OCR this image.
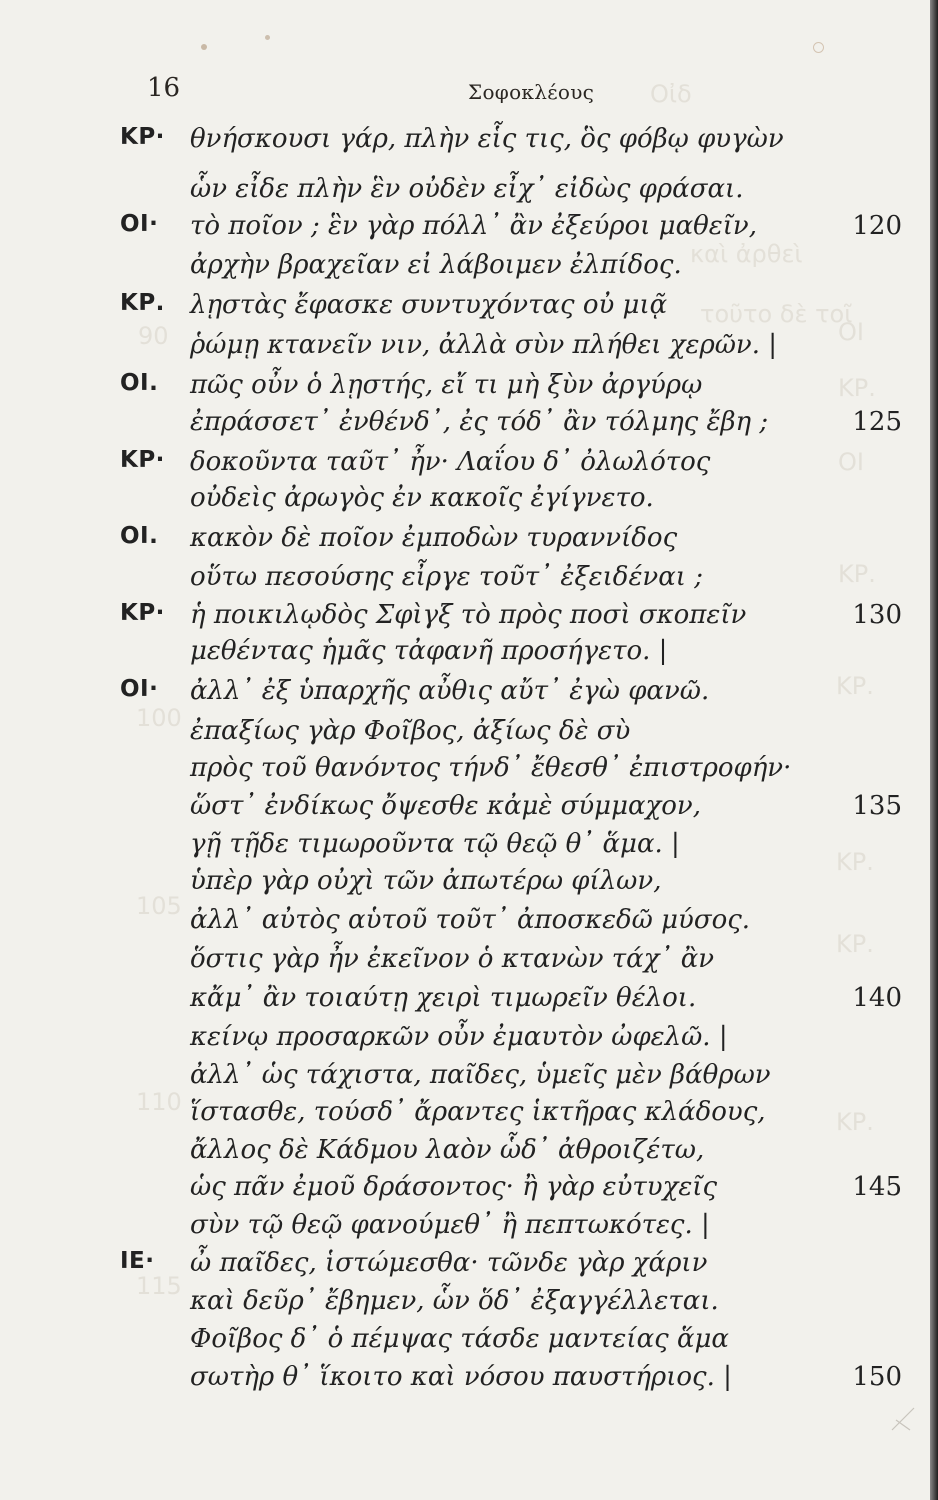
Οἰδ
καὶ ἀρθεὶ
τοῦτο δὲ τοῖ
ΟΙ
90
ΚΡ.
ΟΙ
ΚΡ.
100
ΚΡ.
ΚΡ.
105
ΚΡ.
110
ΚΡ.
115
16	Σοφοκλέους
ΚΡ· θνήσκουσι γάρ, πλὴν εἷς τις, ὃς φόβῳ φυγὼν
ὧν εἶδε πλὴν ἓν οὐδὲν εἶχ᾽ εἰδὼς φράσαι.
ΟΙ· τὸ ποῖον ; ἓν γὰρ πόλλ᾽ ἂν ἐξεύροι μαθεῖν,	120
ἀρχὴν βραχεῖαν εἰ λάβοιμεν ἐλπίδος.
ΚΡ. λῃστὰς ἔφασκε συντυχόντας οὐ μιᾷ
ῥώμῃ κτανεῖν νιν, ἀλλὰ σὺν πλήθει χερῶν. |
ΟΙ. πῶς οὖν ὁ λῃστής, εἴ τι μὴ ξὺν ἀργύρῳ
ἐπράσσετ᾽ ἐνθένδ᾽, ἐς τόδ᾽ ἂν τόλμης ἔβη ;	125
ΚΡ· δοκοῦντα ταῦτ᾽ ἦν· Λαΐου δ᾽ ὀλωλότος
οὐδεὶς ἀρωγὸς ἐν κακοῖς ἐγίγνετο.
ΟΙ. κακὸν δὲ ποῖον ἐμποδὼν τυραννίδος
οὕτω πεσούσης εἶργε τοῦτ᾽ ἐξειδέναι ;
ΚΡ· ἡ ποικιλῳδὸς Σφὶγξ τὸ πρὸς ποσὶ σκοπεῖν	130
μεθέντας ἡμᾶς τἀφανῆ προσήγετο. |
ΟΙ· ἀλλ᾽ ἐξ ὑπαρχῆς αὖθις αὔτ᾽ ἐγὼ φανῶ.
ἐπαξίως γὰρ Φοῖβος, ἀξίως δὲ σὺ
πρὸς τοῦ θανόντος τήνδ᾽ ἔθεσθ᾽ ἐπιστροφήν·
ὥστ᾽ ἐνδίκως ὄψεσθε κἀμὲ σύμμαχον,	135
γῇ τῇδε τιμωροῦντα τῷ θεῷ θ᾽ ἅμα. |
ὑπὲρ γὰρ οὐχὶ τῶν ἀπωτέρω φίλων,
ἀλλ᾽ αὐτὸς αὑτοῦ τοῦτ᾽ ἀποσκεδῶ μύσος.
ὅστις γὰρ ἦν ἐκεῖνον ὁ κτανὼν τάχ᾽ ἂν
κἄμ᾽ ἂν τοιαύτῃ χειρὶ τιμωρεῖν θέλοι.	140
κείνῳ προσαρκῶν οὖν ἐμαυτὸν ὠφελῶ. |
ἀλλ᾽ ὡς τάχιστα, παῖδες, ὑμεῖς μὲν βάθρων
ἵστασθε, τούσδ᾽ ἄραντες ἱκτῆρας κλάδους,
ἄλλος δὲ Κάδμου λαὸν ὧδ᾽ ἀθροιζέτω,
ὡς πᾶν ἐμοῦ δράσοντος· ἢ γὰρ εὐτυχεῖς	145
σὺν τῷ θεῷ φανούμεθ᾽ ἢ πεπτωκότες. |
ΙΕ· ὦ παῖδες, ἱστώμεσθα· τῶνδε γὰρ χάριν
καὶ δεῦρ᾽ ἔβημεν, ὧν ὅδ᾽ ἐξαγγέλλεται.
Φοῖβος δ᾽ ὁ πέμψας τάσδε μαντείας ἅμα
σωτὴρ θ᾽ ἵκοιτο καὶ νόσου παυστήριος. |	150
